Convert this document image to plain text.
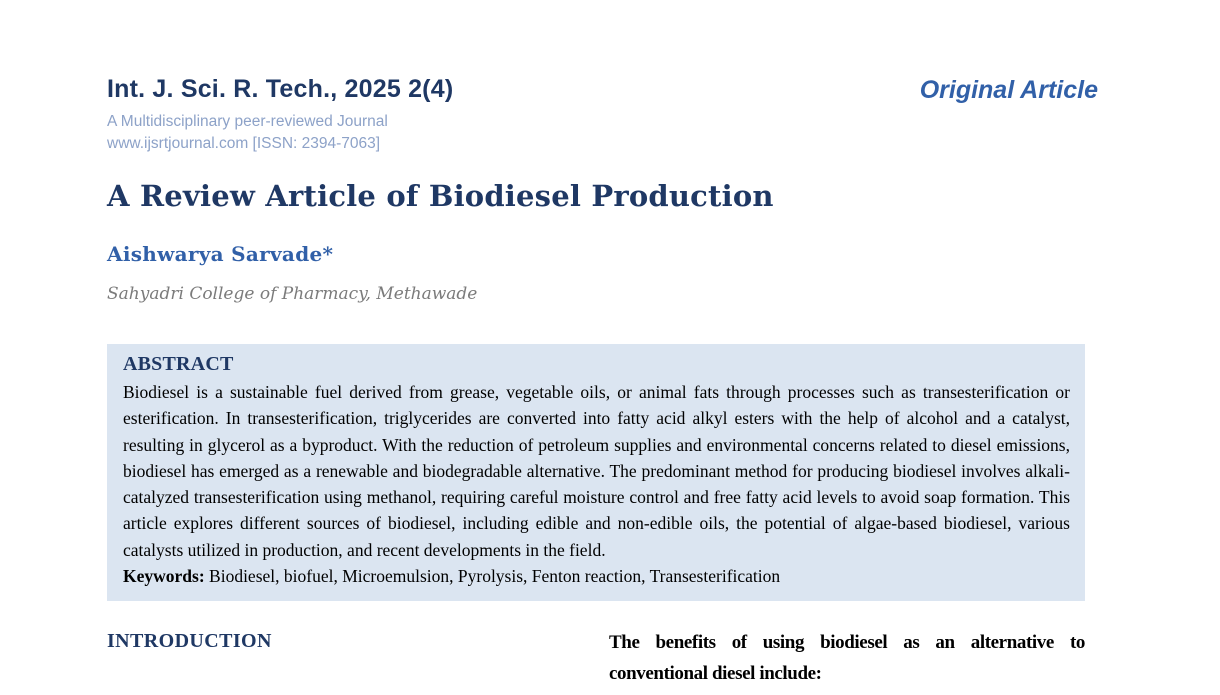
Int. J. Sci. R. Tech., 2025 2(4)
A Multidisciplinary peer-reviewed Journal
www.ijsrtjournal.com [ISSN: 2394-7063]
Original Article
A Review Article of Biodiesel Production
Aishwarya Sarvade*
Sahyadri College of Pharmacy, Methawade
ABSTRACT
Biodiesel is a sustainable fuel derived from grease, vegetable oils, or animal fats through processes such as transesterification or esterification. In transesterification, triglycerides are converted into fatty acid alkyl esters with the help of alcohol and a catalyst, resulting in glycerol as a byproduct. With the reduction of petroleum supplies and environmental concerns related to diesel emissions, biodiesel has emerged as a renewable and biodegradable alternative. The predominant method for producing biodiesel involves alkali-catalyzed transesterification using methanol, requiring careful moisture control and free fatty acid levels to avoid soap formation. This article explores different sources of biodiesel, including edible and non-edible oils, the potential of algae-based biodiesel, various catalysts utilized in production, and recent developments in the field.
Keywords: Biodiesel, biofuel, Microemulsion, Pyrolysis, Fenton reaction, Transesterification
INTRODUCTION	The benefits of using biodiesel as an alternative to conventional diesel include:
